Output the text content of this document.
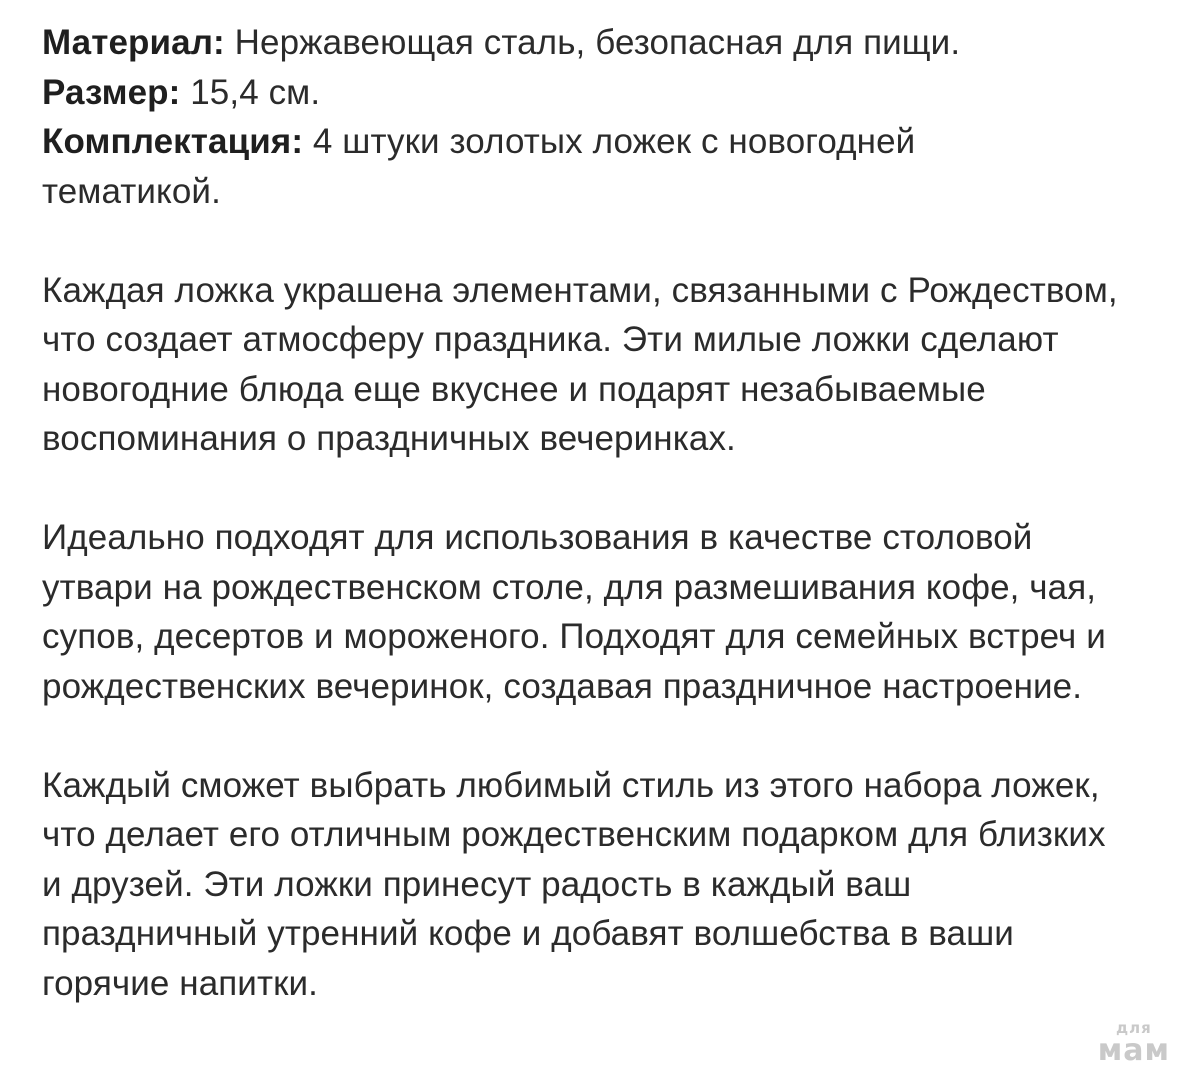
Материал: Нержавеющая сталь, безопасная для пищи.

Размер: 15,4 см.

Комплектация: 4 штуки золотых ложек с новогодней тематикой.

Каждая ложка украшена элементами, связанными с Рождеством, что создает атмосферу праздника. Эти милые ложки сделают новогодние блюда еще вкуснее и подарят незабываемые воспоминания о праздничных вечеринках.

Идеально подходят для использования в качестве столовой утвари на рождественском столе, для размешивания кофе, чая, супов, десертов и мороженого. Подходят для семейных встреч и рождественских вечеринок, создавая праздничное настроение.

Каждый сможет выбрать любимый стиль из этого набора ложек, что делает его отличным рождественским подарком для близких и друзей. Эти ложки принесут радость в каждый ваш праздничный утренний кофе и добавят волшебства в ваши горячие напитки.

для
мам
